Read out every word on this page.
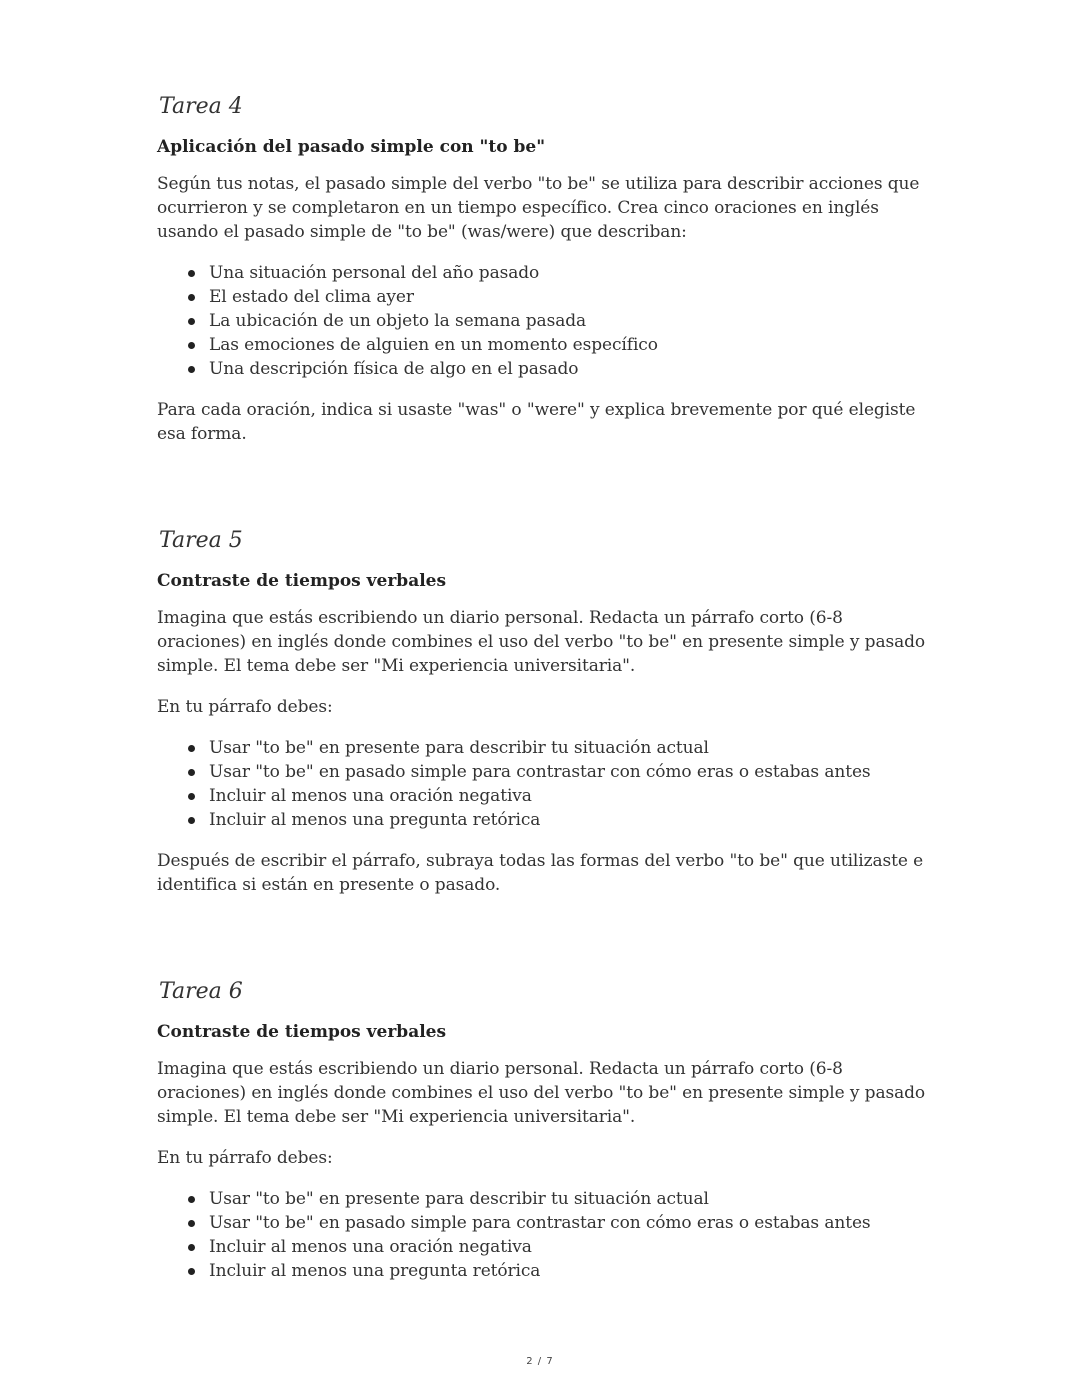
Tarea 4
Aplicación del pasado simple con "to be"

Según tus notas, el pasado simple del verbo "to be" se utiliza para describir acciones que ocurrieron y se completaron en un tiempo específico. Crea cinco oraciones en inglés usando el pasado simple de "to be" (was/were) que describan:

Una situación personal del año pasado
El estado del clima ayer
La ubicación de un objeto la semana pasada
Las emociones de alguien en un momento específico
Una descripción física de algo en el pasado

Para cada oración, indica si usaste "was" o "were" y explica brevemente por qué elegiste esa forma.

Tarea 5
Contraste de tiempos verbales

Imagina que estás escribiendo un diario personal. Redacta un párrafo corto (6-8 oraciones) en inglés donde combines el uso del verbo "to be" en presente simple y pasado simple. El tema debe ser "Mi experiencia universitaria".

En tu párrafo debes:

Usar "to be" en presente para describir tu situación actual
Usar "to be" en pasado simple para contrastar con cómo eras o estabas antes
Incluir al menos una oración negativa
Incluir al menos una pregunta retórica

Después de escribir el párrafo, subraya todas las formas del verbo "to be" que utilizaste e identifica si están en presente o pasado.

Tarea 6
Contraste de tiempos verbales

Imagina que estás escribiendo un diario personal. Redacta un párrafo corto (6-8 oraciones) en inglés donde combines el uso del verbo "to be" en presente simple y pasado simple. El tema debe ser "Mi experiencia universitaria".

En tu párrafo debes:

Usar "to be" en presente para describir tu situación actual
Usar "to be" en pasado simple para contrastar con cómo eras o estabas antes
Incluir al menos una oración negativa
Incluir al menos una pregunta retórica
2 / 7
